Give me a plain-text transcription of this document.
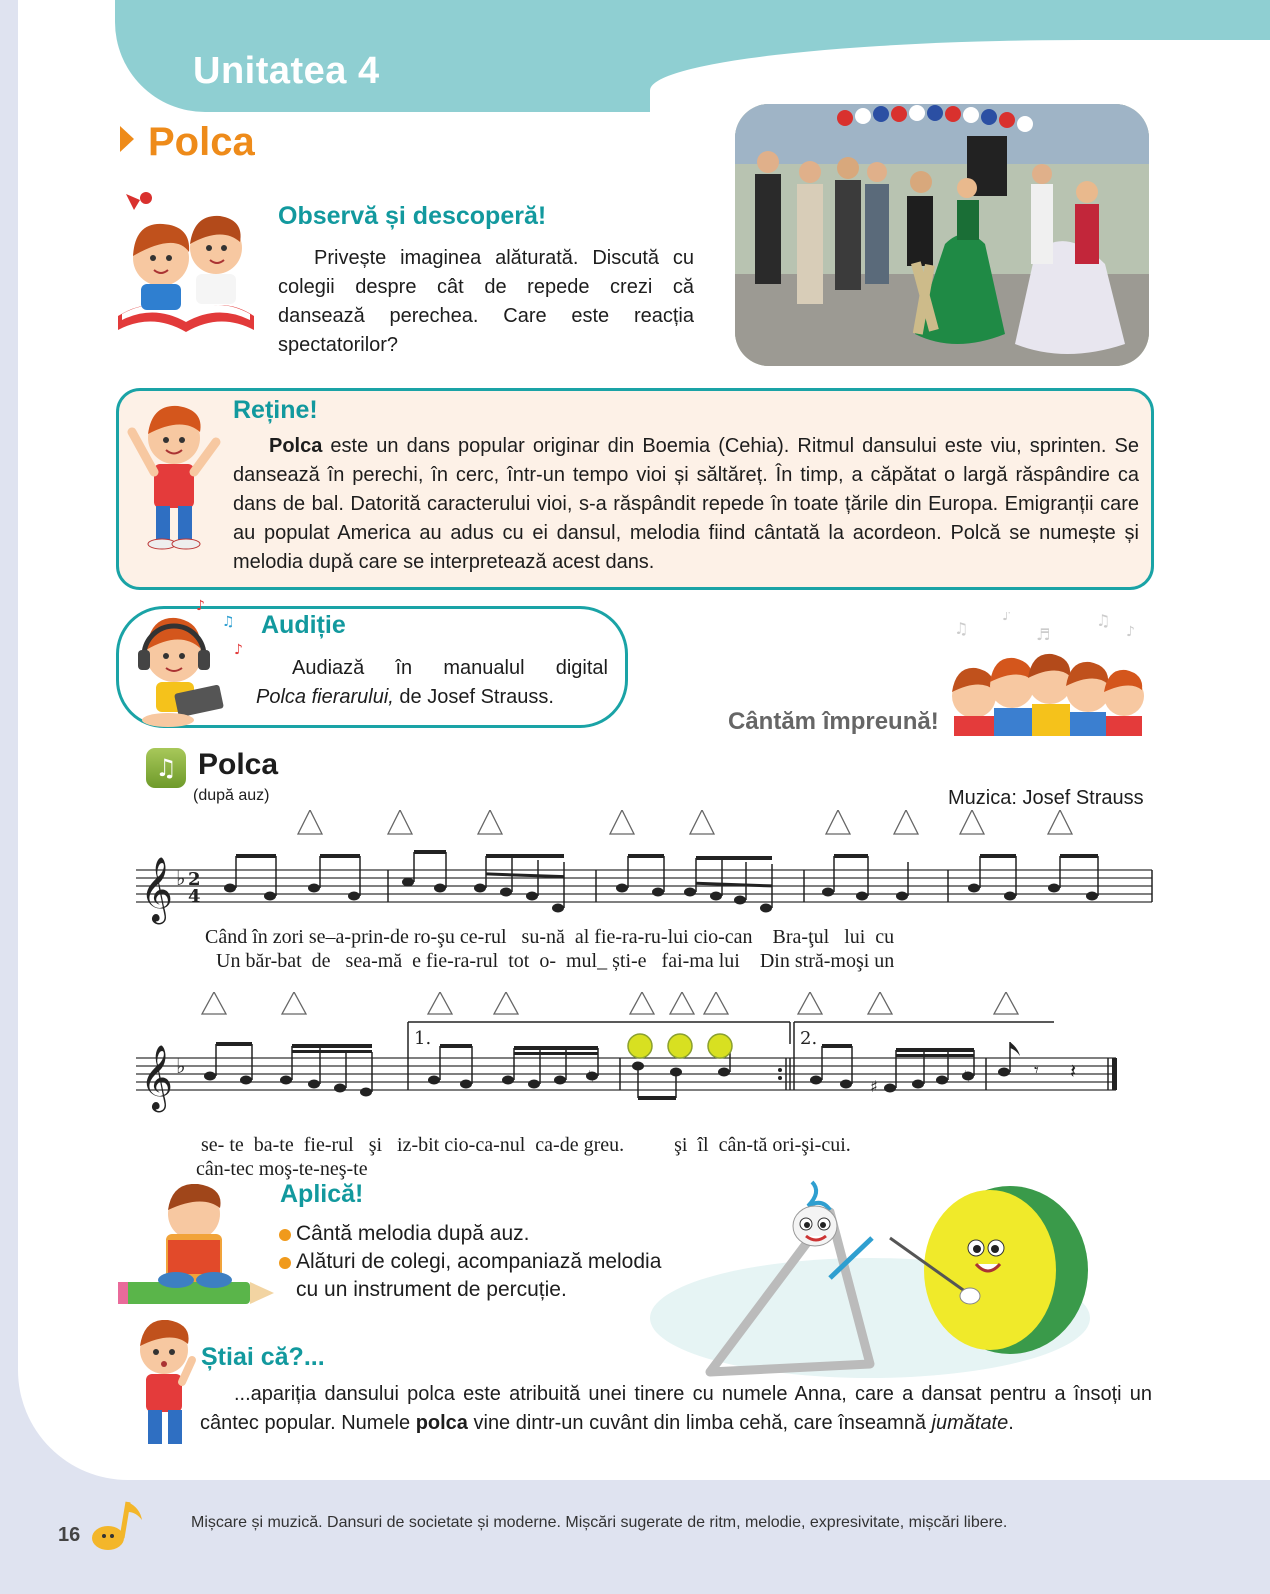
Unitatea 4
Polca
Observă și descoperă!
Privește imaginea alăturată. Discută cu colegii despre cât de repede crezi că dansează perechea. Care este reacția spectatorilor?
Reține!
Polca este un dans popular originar din Boemia (Cehia). Ritmul dansului este viu, sprinten. Se dansează în perechi, în cerc, într-un tempo vioi și săltăreț. În timp, a căpătat o largă răspândire ca dans de bal. Datorită caracterului vioi, s-a răspândit repede în toate țările din Europa. Emigranții care au populat America au adus cu ei dansul, melodia fiind cântată la acordeon. Polcă se numește și melodia după care se interpretează acest dans.
♪
♫
♪
Audiție
Audiază în manualul digital
Polca fierarului, de Josef Strauss.
Cântăm împreună!
♫
♪
♬
♫
♪
♫ Polca
(după auz)	Muzica: Josef Strauss
𝄞 ♭ 2
4
Când în zori se–a-prin-de ro-şu ce-rul   su-nă  al fie-ra-ru-lui cio-can    Bra-ţul   lui  cu
Un băr-bat  de   sea-mă  e fie-ra-rul  tot  o-  mul_ ști-e   fai-ma lui    Din stră-moşi un
𝄞 ♭
1.	2.
♮	♮
♯
𝄾 𝄽
se- te  ba-te  fie-rul   şi   iz-bit cio-ca-nul  ca-de greu.          şi  îl  cân-tă ori-şi-cui.
cân-tec moş-te-neş-te
Aplică!
Cântă melodia după auz.
Alături de colegi, acompaniază melodia cu un instrument de percuție.
Știai că?...
...apariția dansului polca este atribuită unei tinere cu numele Anna, care a dansat pentru a însoți un cântec popular. Numele polca vine dintr-un cuvânt din limba cehă, care înseamnă jumătate.
16
Mișcare și muzică. Dansuri de societate și moderne. Mișcări sugerate de ritm, melodie, expresivitate, mișcări libere.
